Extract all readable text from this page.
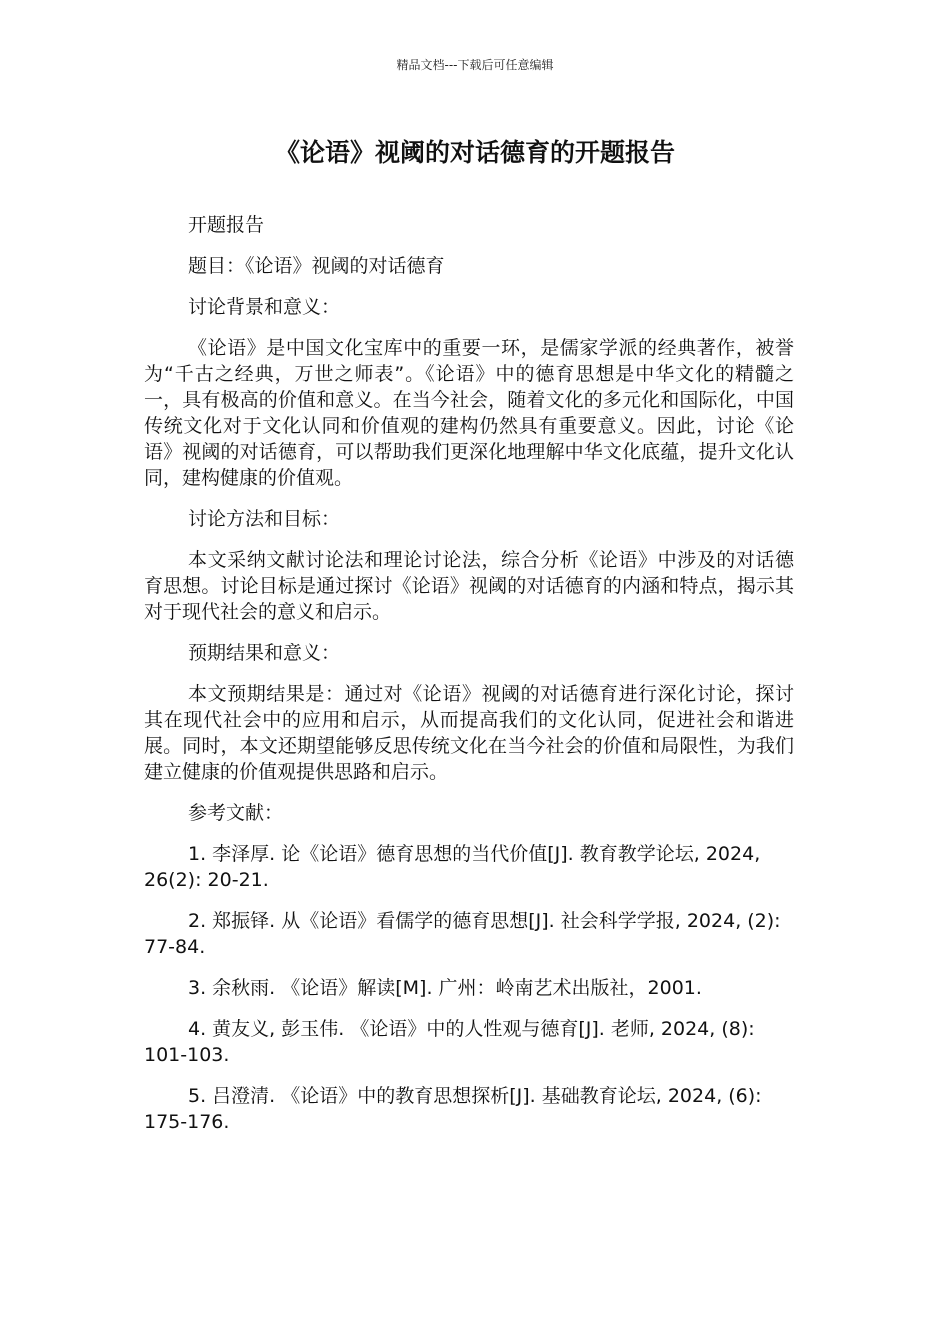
精品文档---下载后可任意编辑
《论语》视阈的对话德育的开题报告

开题报告

题目：《论语》视阈的对话德育

讨论背景和意义：

《论语》是中国文化宝库中的重要一环，是儒家学派的经典著作，被誉为“千古之经典，万世之师表”。《论语》中的德育思想是中华文化的精髓之一，具有极高的价值和意义。在当今社会，随着文化的多元化和国际化，中国传统文化对于文化认同和价值观的建构仍然具有重要意义。因此，讨论《论语》视阈的对话德育，可以帮助我们更深化地理解中华文化底蕴，提升文化认同，建构健康的价值观。

讨论方法和目标：

本文采纳文献讨论法和理论讨论法，综合分析《论语》中涉及的对话德育思想。讨论目标是通过探讨《论语》视阈的对话德育的内涵和特点，揭示其对于现代社会的意义和启示。

预期结果和意义：

本文预期结果是：通过对《论语》视阈的对话德育进行深化讨论，探讨其在现代社会中的应用和启示，从而提高我们的文化认同，促进社会和谐进展。同时，本文还期望能够反思传统文化在当今社会的价值和局限性，为我们建立健康的价值观提供思路和启示。

参考文献：

1. 李泽厚. 论《论语》德育思想的当代价值[J]. 教育教学论坛, 2024, 26(2): 20-21.

2. 郑振铎. 从《论语》看儒学的德育思想[J]. 社会科学学报, 2024, (2): 77-84.

3. 余秋雨. 《论语》解读[M]. 广州：岭南艺术出版社，2001.

4. 黄友义, 彭玉伟. 《论语》中的人性观与德育[J]. 老师, 2024, (8): 101-103.

5. 吕澄清. 《论语》中的教育思想探析[J]. 基础教育论坛, 2024, (6): 175-176.
